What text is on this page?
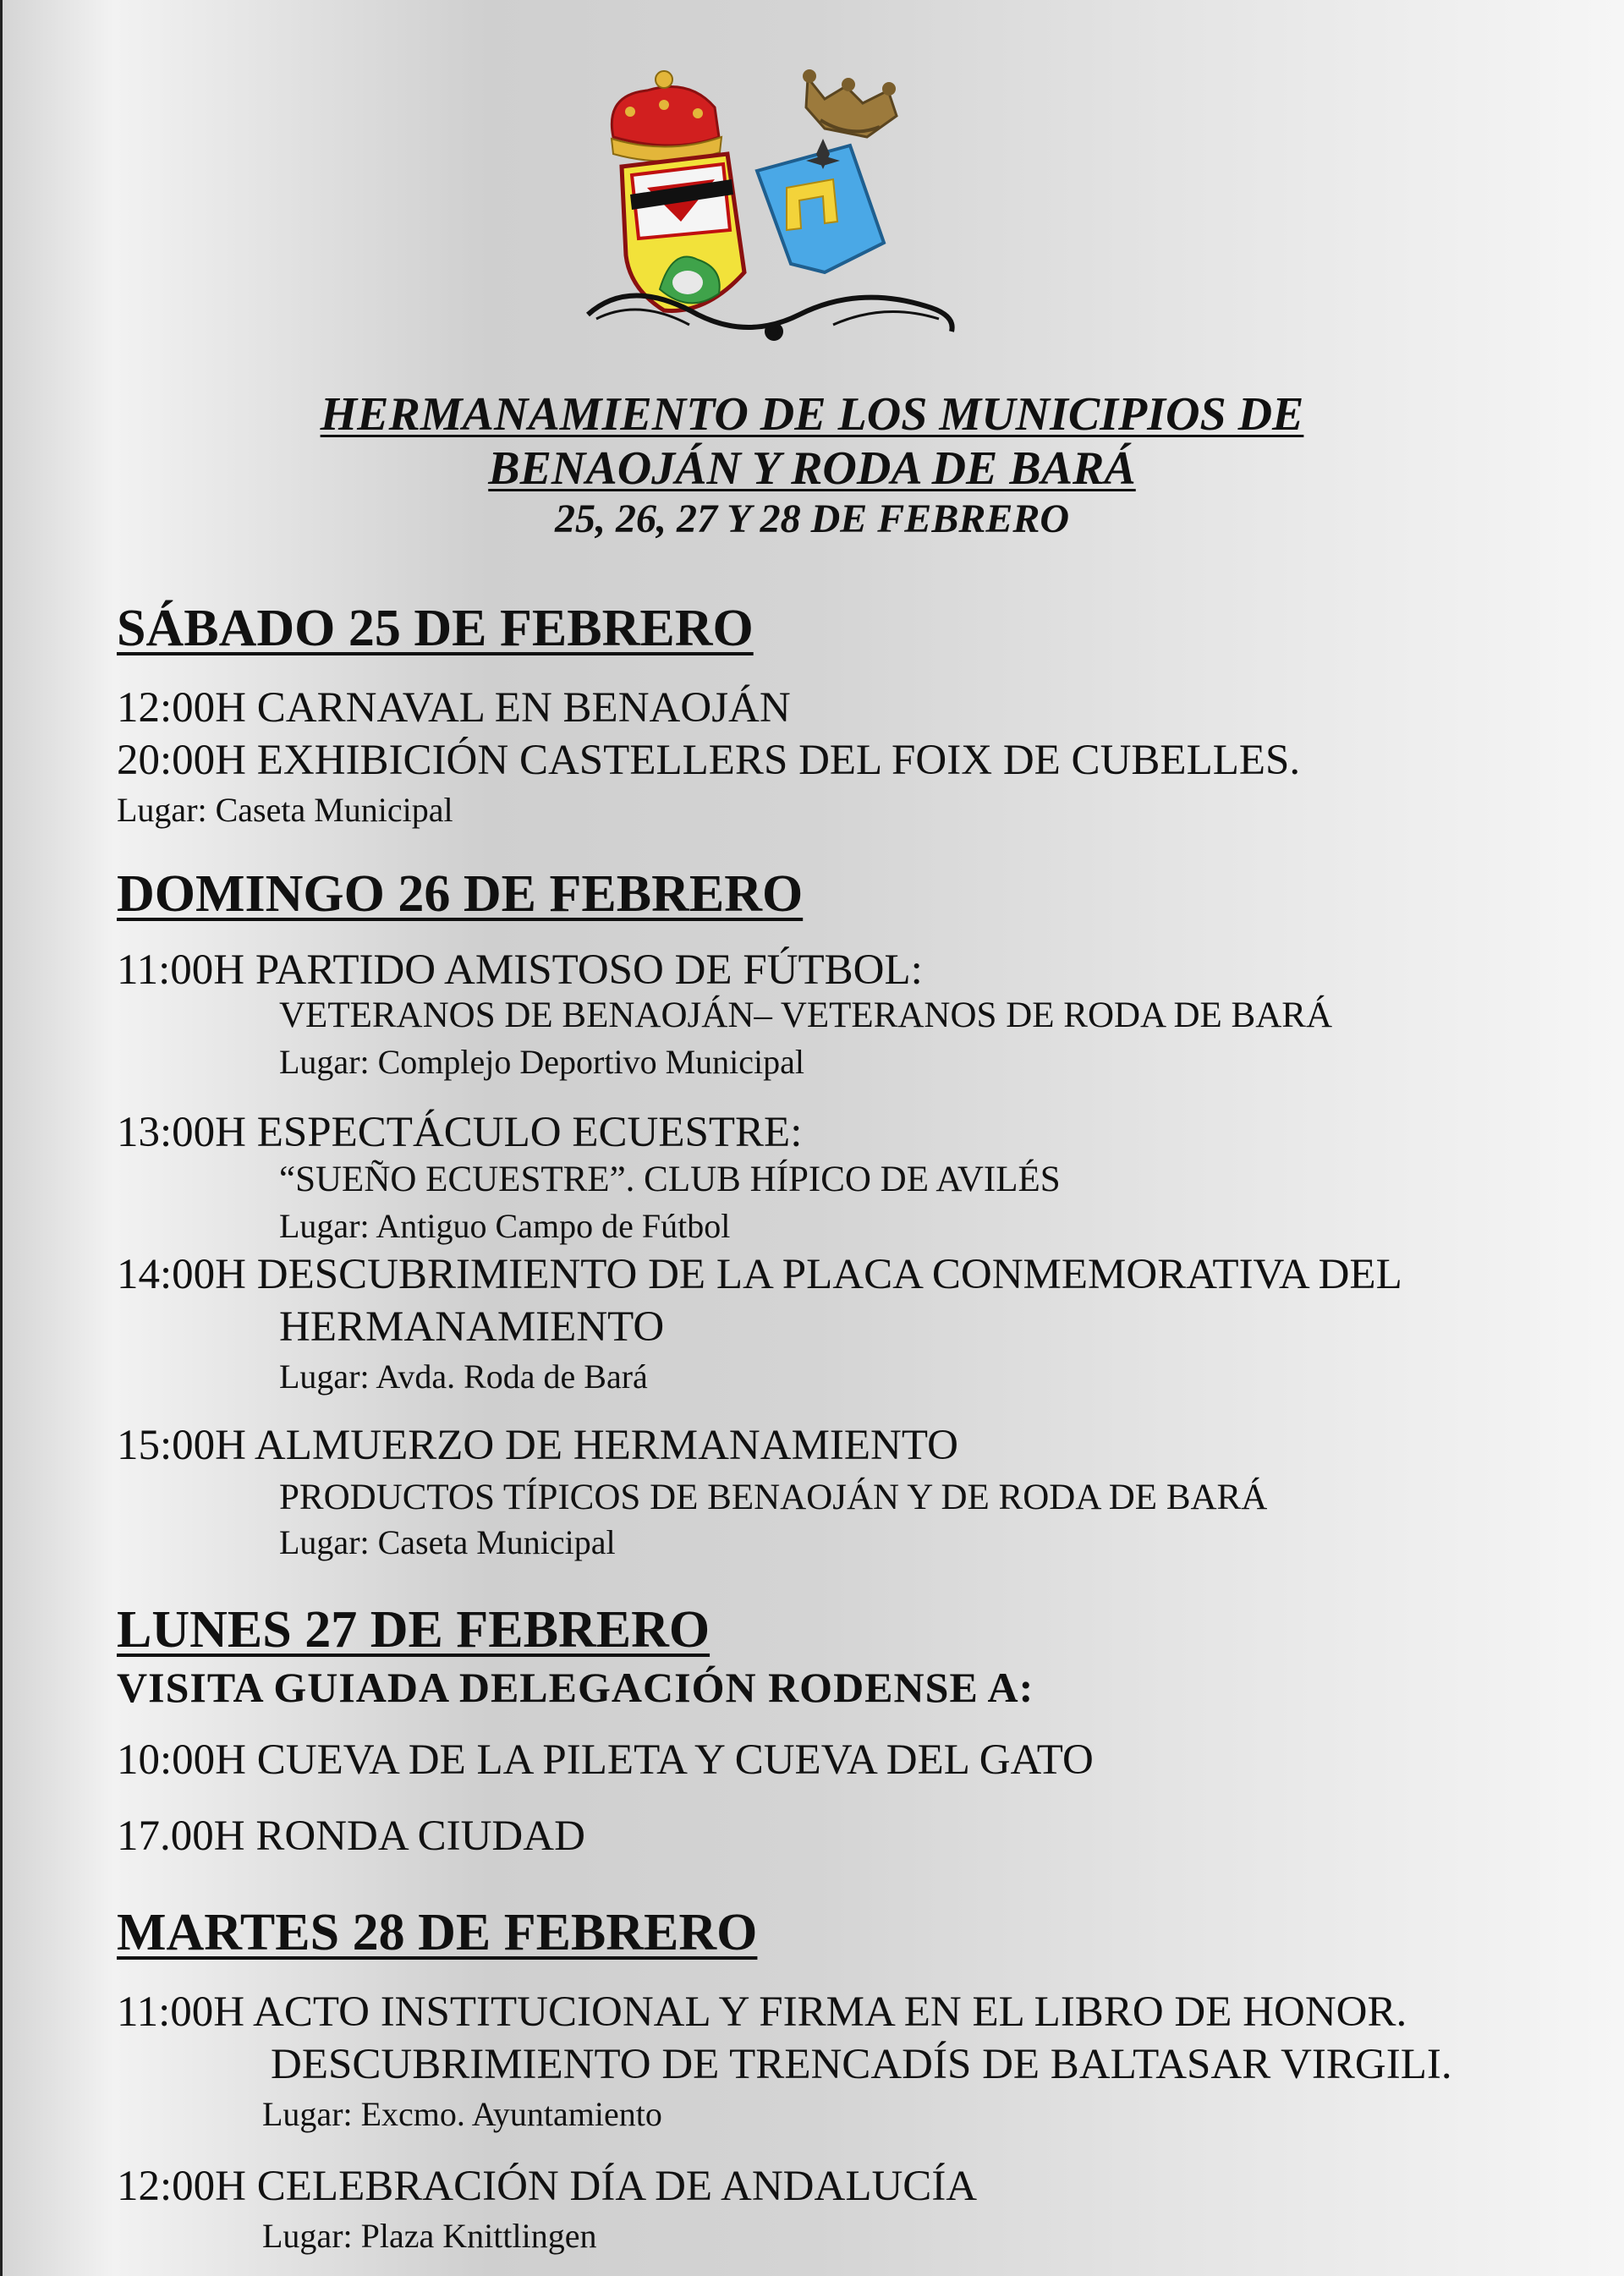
HERMANAMIENTO DE LOS MUNICIPIOS DE
BENAOJÁN Y RODA DE BARÁ
25, 26, 27 Y 28 DE FEBRERO
SÁBADO 25 DE FEBRERO
12:00H CARNAVAL EN BENAOJÁN
20:00H EXHIBICIÓN CASTELLERS DEL FOIX DE CUBELLES.
Lugar: Caseta Municipal
DOMINGO 26 DE FEBRERO
11:00H PARTIDO AMISTOSO DE FÚTBOL:
VETERANOS DE BENAOJÁN– VETERANOS DE RODA DE BARÁ
Lugar: Complejo Deportivo Municipal
13:00H ESPECTÁCULO ECUESTRE:
“SUEÑO ECUESTRE”. CLUB HÍPICO DE AVILÉS
Lugar: Antiguo Campo de Fútbol
14:00H DESCUBRIMIENTO DE LA PLACA CONMEMORATIVA DEL
HERMANAMIENTO
Lugar: Avda. Roda de Bará
15:00H ALMUERZO DE HERMANAMIENTO
PRODUCTOS TÍPICOS DE BENAOJÁN Y DE RODA DE BARÁ
Lugar: Caseta Municipal
LUNES 27 DE FEBRERO
VISITA GUIADA DELEGACIÓN RODENSE A:
10:00H CUEVA DE LA PILETA Y CUEVA DEL GATO
17.00H RONDA CIUDAD
MARTES 28 DE FEBRERO
11:00H ACTO INSTITUCIONAL Y FIRMA EN EL LIBRO DE HONOR.
DESCUBRIMIENTO DE TRENCADÍS DE BALTASAR VIRGILI.
Lugar: Excmo. Ayuntamiento
12:00H CELEBRACIÓN DÍA DE ANDALUCÍA
Lugar: Plaza Knittlingen
